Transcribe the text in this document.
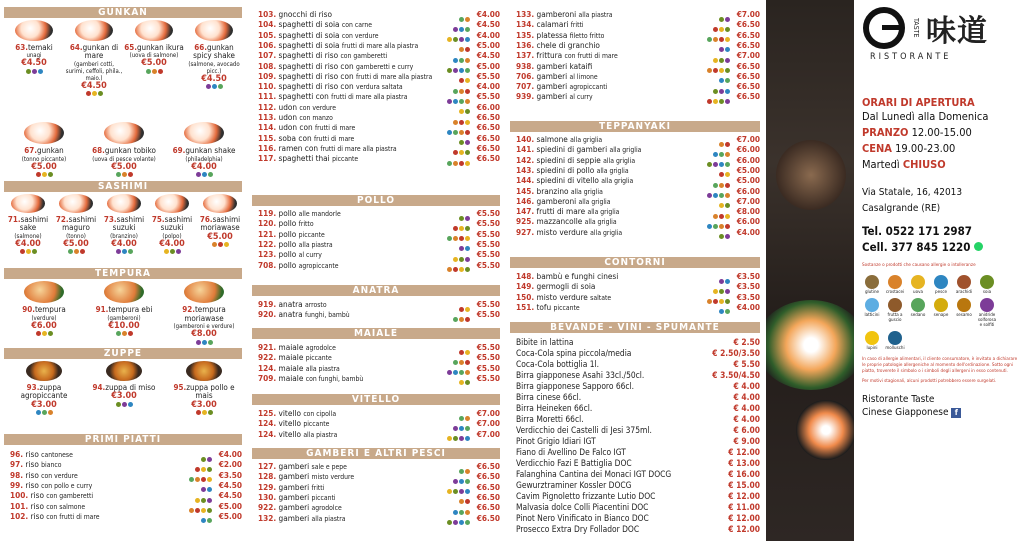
GUNKAN
63.temaki
unagi
€4.50
64.gunkan di mare
(gamberi cotti, surimi, ceffoli, phila., maio.)
€4.50
65.gunkan ikura
(uova di salmone)
€5.00
66.gunkan spicy shake
(salmone, avocado picc.)
€4.50
67.gunkan
(tonno piccante)
€5.00
68.gunkan tobiko
(uova di pesce volante)
€5.00
69.gunkan shake
(philadelphia)
€4.00
SASHIMI
71.sashimi sake
(salmone)
€4.00
72.sashimi maguro
(tonno)
€5.00
73.sashimi suzuki
(branzino)
€4.00
75.sashimi suzuki
(polpo)
€4.00
76.sashimi moriawase
€5.00
TEMPURA
90.tempura
(verdure)
€6.00
91.tempura ebi
(gamberoni)
€10.00
92.tempura moriawase
(gamberoni e verdure)
€8.00
ZUPPE
93.zuppa agropiccante
€3.00
94.zuppa di miso
€3.00
95.zuppa pollo e mais
€3.00
PRIMI PIATTI
96. riso cantonese	€4.00
97. riso bianco	€2.00
98. riso con verdure	€3.50
99. riso con pollo e curry	€4.50
100. riso con gamberetti	€4.50
101. riso con salmone	€5.00
102. riso con frutti di mare	€5.00
103. gnocchi di riso	€4.00
104. spaghetti di soia con carne	€4.50
105. spaghetti di soia con verdure	€4.00
106. spaghetti di soia frutti di mare alla piastra	€5.00
107. spaghetti di riso con gamberetti	€4.50
108. spaghetti di riso con gamberetti e curry	€5.00
109. spaghetti di riso con frutti di mare alla piastra	€5.50
110. spaghetti di riso con verdura saltata	€4.00
111. spaghetti con frutti di mare alla piastra	€5.50
112. udon con verdure	€6.00
113. udon con manzo	€6.50
114. udon con frutti di mare	€6.50
115. soba con frutti di mare	€6.50
116. ramen con frutti di mare alla piastra	€6.50
117. spaghetti thai piccante	€6.50
POLLO
119. pollo alle mandorle	€5.50
120. pollo fritto	€5.50
121. pollo piccante	€5.50
122. pollo alla piastra	€5.50
123. pollo al curry	€5.50
708. pollo agropiccante	€5.50
ANATRA
919. anatra arrosto	€5.50
920. anatra funghi, bambù	€5.50
MAIALE
921. maiale agrodolce	€5.50
922. maiale piccante	€5.50
124. maiale alla piastra	€5.50
709. maiale con funghi, bambù	€5.50
VITELLO
125. vitello con cipolla	€7.00
124. vitello piccante	€7.00
124. vitello alla piastra	€7.00
GAMBERI E ALTRI PESCI
127. gamberi sale e pepe	€6.50
128. gamberi misto verdure	€6.50
129. gamberi fritti	€6.50
130. gamberi piccanti	€6.50
922. gamberi agrodolce	€6.50
132. gamberi alla piastra	€6.50
133. gamberoni alla piastra	€7.00
134. calamari fritti	€6.50
135. platessa filetto fritto	€6.50
136. chele di granchio	€6.50
137. frittura con frutti di mare	€7.00
938. gamberi kataifi	€6.50
706. gamberi al limone	€6.50
707. gamberi agropiccanti	€6.50
939. gamberi al curry	€6.50
TEPPANYAKI
140. salmone alla griglia	€7.00
141. spiedini di gamberi alla griglia	€6.00
142. spiedini di seppie alla griglia	€6.00
143. spiedini di pollo alla griglia	€5.00
144. spiedini di vitello alla griglia	€5.00
145. branzino alla griglia	€6.00
146. gamberoni alla griglia	€7.00
147. frutti di mare alla griglia	€8.00
925. mazzancolle alla griglia	€6.00
927. misto verdure alla griglia	€4.00
CONTORNI
148. bambù e funghi cinesi	€3.50
149. germogli di soia	€3.50
150. misto verdure saltate	€3.50
151. tofu piccante	€4.00
BEVANDE - VINI - SPUMANTE
Bibite in lattina	€ 2.50
Coca-Cola spina piccola/media	€ 2.50/3.50
Coca-Cola bottiglia 1l.	€ 5.50
Birra giapponese Asahi 33cl./50cl.	€ 3.50/4.50
Birra giapponese Sapporo 66cl.	€ 4.00
Birra cinese 66cl.	€ 4.00
Birra Heineken 66cl.	€ 4.00
Birra Moretti 66cl.	€ 4.00
Verdicchio dei Castelli di Jesi 375ml.	€ 6.00
Pinot Grigio Idiari IGT	€ 9.00
Fiano di Avellino De Falco IGT	€ 12.00
Verdicchio Fazi E Battiglia DOC	€ 13.00
Falanghina Cantina dei Monaci IGT DOCG	€ 16.00
Gewurztraminer Kossler DOCG	€ 15.00
Cavim Pignoletto frizzante Lutio DOC	€ 12.00
Malvasia dolce Colli Piacentini DOC	€ 11.00
Pinot Nero Vinificato in Bianco DOC	€ 12.00
Prosecco Extra Dry Follador DOC	€ 12.00
TASTE 味道
RISTORANTE
ORARI DI APERTURA
Dal Lunedì alla Domenica
PRANZO 12.00-15.00
CENA 19.00-23.00
Martedì CHIUSO
Via Statale, 16, 42013
Casalgrande (RE)
Tel. 0522 171 2987
Cell. 377 845 1220
Sostanze o prodotti che causano allergie o intolleranze
glutine	crostacei	uova	pesce	arachidi	soia
latticini	frutta a guscio
sedano	senape	sesamo	anidride solforosa e solfiti
lupini	molluschi
In caso di allergie alimentari, il cliente consumatore, è invitato a dichiarare le proprie patologie allergeniche al momento dell'ordinazione. Sotto ogni piatto, troverete il simbolo o i simboli degli allergeni in esso contenuti.
Per motivi stagionali, alcuni prodotti potrebbero essere surgelati.
Ristorante Taste
Cinese Giapponese f
